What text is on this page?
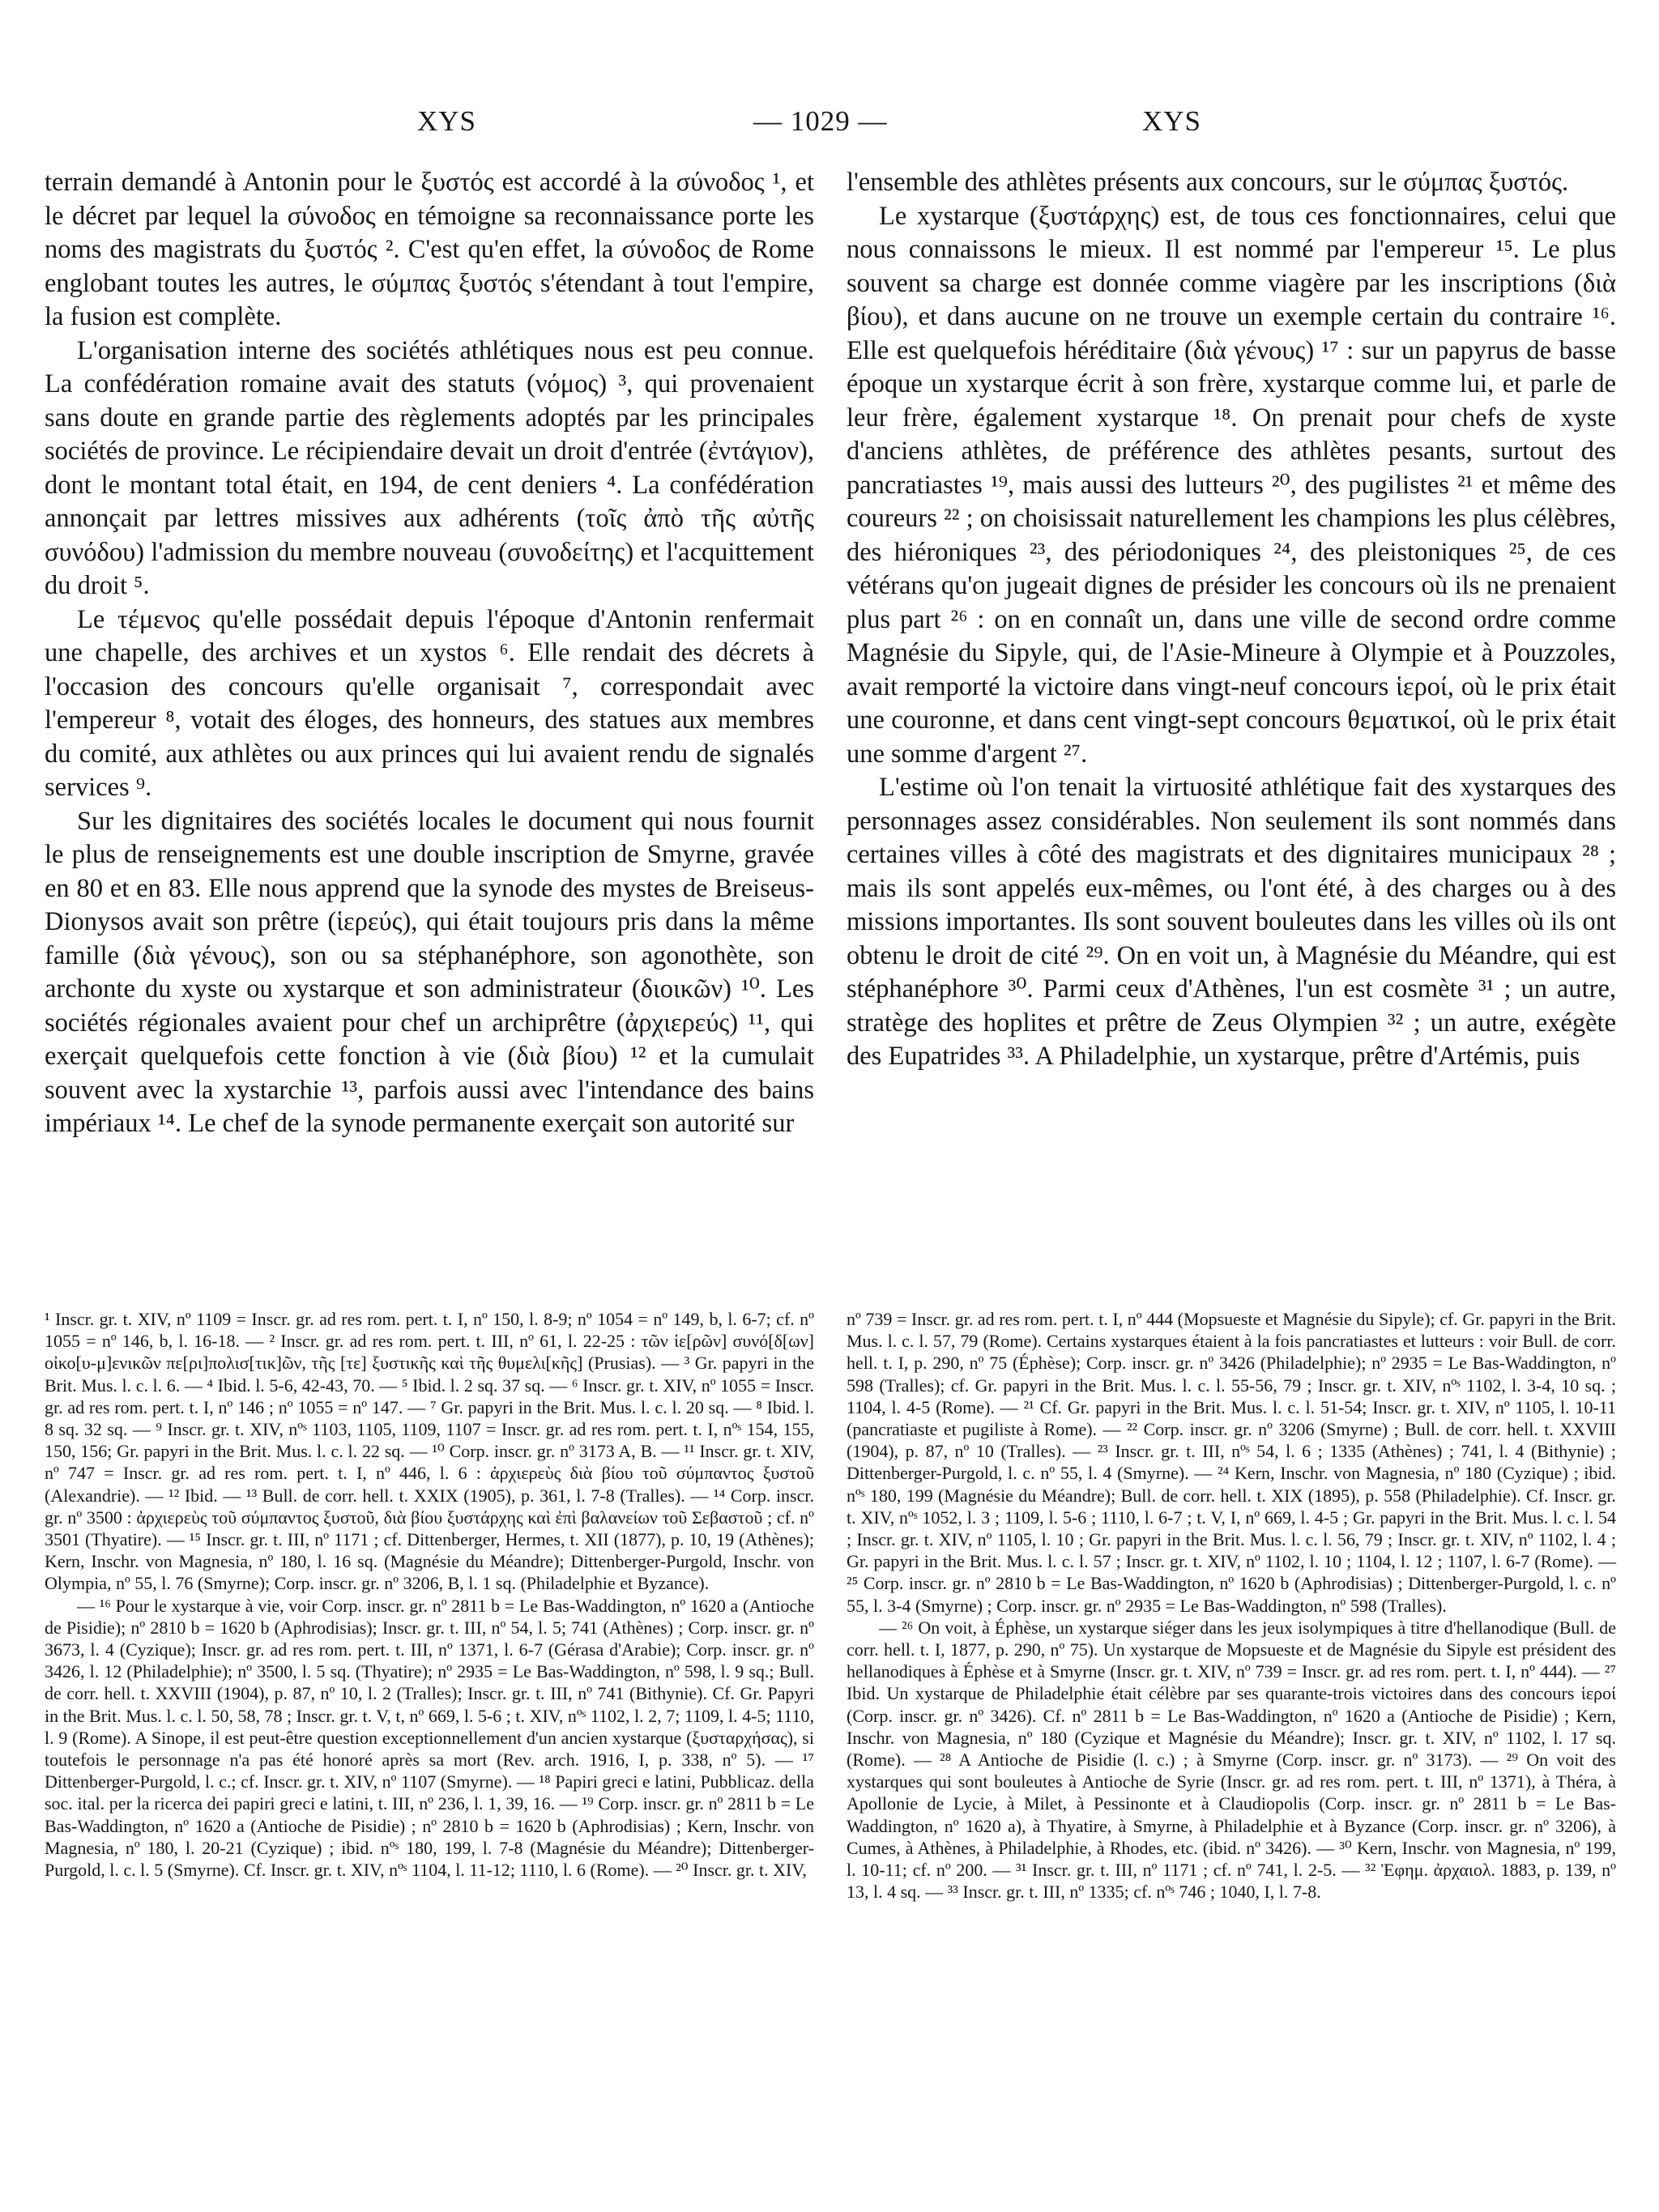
XYS	— 1029 —	XYS

terrain demandé à Antonin pour le ξυστός est accordé à la σύνοδος ¹, et le décret par lequel la σύνοδος en témoigne sa reconnaissance porte les noms des magistrats du ξυστός ². C'est qu'en effet, la σύνοδος de Rome englobant toutes les autres, le σύμπας ξυστός s'étendant à tout l'empire, la fusion est complète.

L'organisation interne des sociétés athlétiques nous est peu connue. La confédération romaine avait des statuts (νόμος) ³, qui provenaient sans doute en grande partie des règlements adoptés par les principales sociétés de province. Le récipiendaire devait un droit d'entrée (ἐντάγιον), dont le montant total était, en 194, de cent deniers ⁴. La confédération annonçait par lettres missives aux adhérents (τοῖς ἀπὸ τῆς αὐτῆς συνόδου) l'admission du membre nouveau (συνοδείτης) et l'acquittement du droit ⁵.

Le τέμενος qu'elle possédait depuis l'époque d'Antonin renfermait une chapelle, des archives et un xystos ⁶. Elle rendait des décrets à l'occasion des concours qu'elle organisait ⁷, correspondait avec l'empereur ⁸, votait des éloges, des honneurs, des statues aux membres du comité, aux athlètes ou aux princes qui lui avaient rendu de signalés services ⁹.

Sur les dignitaires des sociétés locales le document qui nous fournit le plus de renseignements est une double inscription de Smyrne, gravée en 80 et en 83. Elle nous apprend que la synode des mystes de Breiseus-Dionysos avait son prêtre (ἱερεύς), qui était toujours pris dans la même famille (διὰ γένους), son ou sa stéphanéphore, son agonothète, son archonte du xyste ou xystarque et son administrateur (διοικῶν) ¹⁰. Les sociétés régionales avaient pour chef un archiprêtre (ἀρχιερεύς) ¹¹, qui exerçait quelquefois cette fonction à vie (διὰ βίου) ¹² et la cumulait souvent avec la xystarchie ¹³, parfois aussi avec l'intendance des bains impériaux ¹⁴. Le chef de la synode permanente exerçait son autorité sur

l'ensemble des athlètes présents aux concours, sur le σύμπας ξυστός.

Le xystarque (ξυστάρχης) est, de tous ces fonctionnaires, celui que nous connaissons le mieux. Il est nommé par l'empereur ¹⁵. Le plus souvent sa charge est donnée comme viagère par les inscriptions (διὰ βίου), et dans aucune on ne trouve un exemple certain du contraire ¹⁶. Elle est quelquefois héréditaire (διὰ γένους) ¹⁷ : sur un papyrus de basse époque un xystarque écrit à son frère, xystarque comme lui, et parle de leur frère, également xystarque ¹⁸. On prenait pour chefs de xyste d'anciens athlètes, de préférence des athlètes pesants, surtout des pancratiastes ¹⁹, mais aussi des lutteurs ²⁰, des pugilistes ²¹ et même des coureurs ²² ; on choisissait naturellement les champions les plus célèbres, des hiéroniques ²³, des périodoniques ²⁴, des pleistoniques ²⁵, de ces vétérans qu'on jugeait dignes de présider les concours où ils ne prenaient plus part ²⁶ : on en connaît un, dans une ville de second ordre comme Magnésie du Sipyle, qui, de l'Asie-Mineure à Olympie et à Pouzzoles, avait remporté la victoire dans vingt-neuf concours ἱεροί, où le prix était une couronne, et dans cent vingt-sept concours θεματικοί, où le prix était une somme d'argent ²⁷.

L'estime où l'on tenait la virtuosité athlétique fait des xystarques des personnages assez considérables. Non seulement ils sont nommés dans certaines villes à côté des magistrats et des dignitaires municipaux ²⁸ ; mais ils sont appelés eux-mêmes, ou l'ont été, à des charges ou à des missions importantes. Ils sont souvent bouleutes dans les villes où ils ont obtenu le droit de cité ²⁹. On en voit un, à Magnésie du Méandre, qui est stéphanéphore ³⁰. Parmi ceux d'Athènes, l'un est cosmète ³¹ ; un autre, stratège des hoplites et prêtre de Zeus Olympien ³² ; un autre, exégète des Eupatrides ³³. A Philadelphie, un xystarque, prêtre d'Artémis, puis

¹ Inscr. gr. t. XIV, nº 1109 = Inscr. gr. ad res rom. pert. t. I, nº 150, l. 8-9; nº 1054 = nº 149, b, l. 6-7; cf. nº 1055 = nº 146, b, l. 16-18. — ² Inscr. gr. ad res rom. pert. t. III, nº 61, l. 22-25 : τῶν ἱε[ρῶν] συνό[δ[ων] οἰκο[υ-μ]ενικῶν πε[ρι]πολισ[τικ]ῶν, τῆς [τε] ξυστικῆς καὶ τῆς θυμελι[κῆς] (Prusias). — ³ Gr. papyri in the Brit. Mus. l. c. l. 6. — ⁴ Ibid. l. 5-6, 42-43, 70. — ⁵ Ibid. l. 2 sq. 37 sq. — ⁶ Inscr. gr. t. XIV, nº 1055 = Inscr. gr. ad res rom. pert. t. I, nº 146 ; nº 1055 = nº 147. — ⁷ Gr. papyri in the Brit. Mus. l. c. l. 20 sq. — ⁸ Ibid. l. 8 sq. 32 sq. — ⁹ Inscr. gr. t. XIV, nºˢ 1103, 1105, 1109, 1107 = Inscr. gr. ad res rom. pert. t. I, nºˢ 154, 155, 150, 156; Gr. papyri in the Brit. Mus. l. c. l. 22 sq. — ¹⁰ Corp. inscr. gr. nº 3173 A, B. — ¹¹ Inscr. gr. t. XIV, nº 747 = Inscr. gr. ad res rom. pert. t. I, nº 446, l. 6 : ἀρχιερεὺς διὰ βίου τοῦ σύμπαντος ξυστοῦ (Alexandrie). — ¹² Ibid. — ¹³ Bull. de corr. hell. t. XXIX (1905), p. 361, l. 7-8 (Tralles). — ¹⁴ Corp. inscr. gr. nº 3500 : ἀρχιερεὺς τοῦ σύμπαντος ξυστοῦ, διὰ βίου ξυστάρχης καὶ ἐπὶ βαλανείων τοῦ Σεβαστοῦ ; cf. nº 3501 (Thyatire). — ¹⁵ Inscr. gr. t. III, nº 1171 ; cf. Dittenberger, Hermes, t. XII (1877), p. 10, 19 (Athènes); Kern, Inschr. von Magnesia, nº 180, l. 16 sq. (Magnésie du Méandre); Dittenberger-Purgold, Inschr. von Olympia, nº 55, l. 76 (Smyrne); Corp. inscr. gr. nº 3206, B, l. 1 sq. (Philadelphie et Byzance).

— ¹⁶ Pour le xystarque à vie, voir Corp. inscr. gr. nº 2811 b = Le Bas-Waddington, nº 1620 a (Antioche de Pisidie); nº 2810 b = 1620 b (Aphrodisias); Inscr. gr. t. III, nº 54, l. 5; 741 (Athènes) ; Corp. inscr. gr. nº 3673, l. 4 (Cyzique); Inscr. gr. ad res rom. pert. t. III, nº 1371, l. 6-7 (Gérasa d'Arabie); Corp. inscr. gr. nº 3426, l. 12 (Philadelphie); nº 3500, l. 5 sq. (Thyatire); nº 2935 = Le Bas-Waddington, nº 598, l. 9 sq.; Bull. de corr. hell. t. XXVIII (1904), p. 87, nº 10, l. 2 (Tralles); Inscr. gr. t. III, nº 741 (Bithynie). Cf. Gr. Papyri in the Brit. Mus. l. c. l. 50, 58, 78 ; Inscr. gr. t. V, t, nº 669, l. 5-6 ; t. XIV, nºˢ 1102, l. 2, 7; 1109, l. 4-5; 1110, l. 9 (Rome). A Sinope, il est peut-être question exceptionnellement d'un ancien xystarque (ξυσταρχήσας), si toutefois le personnage n'a pas été honoré après sa mort (Rev. arch. 1916, I, p. 338, nº 5). — ¹⁷ Dittenberger-Purgold, l. c.; cf. Inscr. gr. t. XIV, nº 1107 (Smyrne). — ¹⁸ Papiri greci e latini, Pubblicaz. della soc. ital. per la ricerca dei papiri greci e latini, t. III, nº 236, l. 1, 39, 16. — ¹⁹ Corp. inscr. gr. nº 2811 b = Le Bas-Waddington, nº 1620 a (Antioche de Pisidie) ; nº 2810 b = 1620 b (Aphrodisias) ; Kern, Inschr. von Magnesia, nº 180, l. 20-21 (Cyzique) ; ibid. nºˢ 180, 199, l. 7-8 (Magnésie du Méandre); Dittenberger-Purgold, l. c. l. 5 (Smyrne). Cf. Inscr. gr. t. XIV, nºˢ 1104, l. 11-12; 1110, l. 6 (Rome). — ²⁰ Inscr. gr. t. XIV,

nº 739 = Inscr. gr. ad res rom. pert. t. I, nº 444 (Mopsueste et Magnésie du Sipyle); cf. Gr. papyri in the Brit. Mus. l. c. l. 57, 79 (Rome). Certains xystarques étaient à la fois pancratiastes et lutteurs : voir Bull. de corr. hell. t. I, p. 290, nº 75 (Éphèse); Corp. inscr. gr. nº 3426 (Philadelphie); nº 2935 = Le Bas-Waddington, nº 598 (Tralles); cf. Gr. papyri in the Brit. Mus. l. c. l. 55-56, 79 ; Inscr. gr. t. XIV, nºˢ 1102, l. 3-4, 10 sq. ; 1104, l. 4-5 (Rome). — ²¹ Cf. Gr. papyri in the Brit. Mus. l. c. l. 51-54; Inscr. gr. t. XIV, nº 1105, l. 10-11 (pancratiaste et pugiliste à Rome). — ²² Corp. inscr. gr. nº 3206 (Smyrne) ; Bull. de corr. hell. t. XXVIII (1904), p. 87, nº 10 (Tralles). — ²³ Inscr. gr. t. III, nºˢ 54, l. 6 ; 1335 (Athènes) ; 741, l. 4 (Bithynie) ; Dittenberger-Purgold, l. c. nº 55, l. 4 (Smyrne). — ²⁴ Kern, Inschr. von Magnesia, nº 180 (Cyzique) ; ibid. nºˢ 180, 199 (Magnésie du Méandre); Bull. de corr. hell. t. XIX (1895), p. 558 (Philadelphie). Cf. Inscr. gr. t. XIV, nºˢ 1052, l. 3 ; 1109, l. 5-6 ; 1110, l. 6-7 ; t. V, I, nº 669, l. 4-5 ; Gr. papyri in the Brit. Mus. l. c. l. 54 ; Inscr. gr. t. XIV, nº 1105, l. 10 ; Gr. papyri in the Brit. Mus. l. c. l. 56, 79 ; Inscr. gr. t. XIV, nº 1102, l. 4 ; Gr. papyri in the Brit. Mus. l. c. l. 57 ; Inscr. gr. t. XIV, nº 1102, l. 10 ; 1104, l. 12 ; 1107, l. 6-7 (Rome). — ²⁵ Corp. inscr. gr. nº 2810 b = Le Bas-Waddington, nº 1620 b (Aphrodisias) ; Dittenberger-Purgold, l. c. nº 55, l. 3-4 (Smyrne) ; Corp. inscr. gr. nº 2935 = Le Bas-Waddington, nº 598 (Tralles).

— ²⁶ On voit, à Éphèse, un xystarque siéger dans les jeux isolympiques à titre d'hellanodique (Bull. de corr. hell. t. I, 1877, p. 290, nº 75). Un xystarque de Mopsueste et de Magnésie du Sipyle est président des hellanodiques à Éphèse et à Smyrne (Inscr. gr. t. XIV, nº 739 = Inscr. gr. ad res rom. pert. t. I, nº 444). — ²⁷ Ibid. Un xystarque de Philadelphie était célèbre par ses quarante-trois victoires dans des concours ἱεροί (Corp. inscr. gr. nº 3426). Cf. nº 2811 b = Le Bas-Waddington, nº 1620 a (Antioche de Pisidie) ; Kern, Inschr. von Magnesia, nº 180 (Cyzique et Magnésie du Méandre); Inscr. gr. t. XIV, nº 1102, l. 17 sq. (Rome). — ²⁸ A Antioche de Pisidie (l. c.) ; à Smyrne (Corp. inscr. gr. nº 3173). — ²⁹ On voit des xystarques qui sont bouleutes à Antioche de Syrie (Inscr. gr. ad res rom. pert. t. III, nº 1371), à Théra, à Apollonie de Lycie, à Milet, à Pessinonte et à Claudiopolis (Corp. inscr. gr. nº 2811 b = Le Bas-Waddington, nº 1620 a), à Thyatire, à Smyrne, à Philadelphie et à Byzance (Corp. inscr. gr. nº 3206), à Cumes, à Athènes, à Philadelphie, à Rhodes, etc. (ibid. nº 3426). — ³⁰ Kern, Inschr. von Magnesia, nº 199, l. 10-11; cf. nº 200. — ³¹ Inscr. gr. t. III, nº 1171 ; cf. nº 741, l. 2-5. — ³² Ἐφημ. ἀρχαιολ. 1883, p. 139, nº 13, l. 4 sq. — ³³ Inscr. gr. t. III, nº 1335; cf. nºˢ 746 ; 1040, I, l. 7-8.
